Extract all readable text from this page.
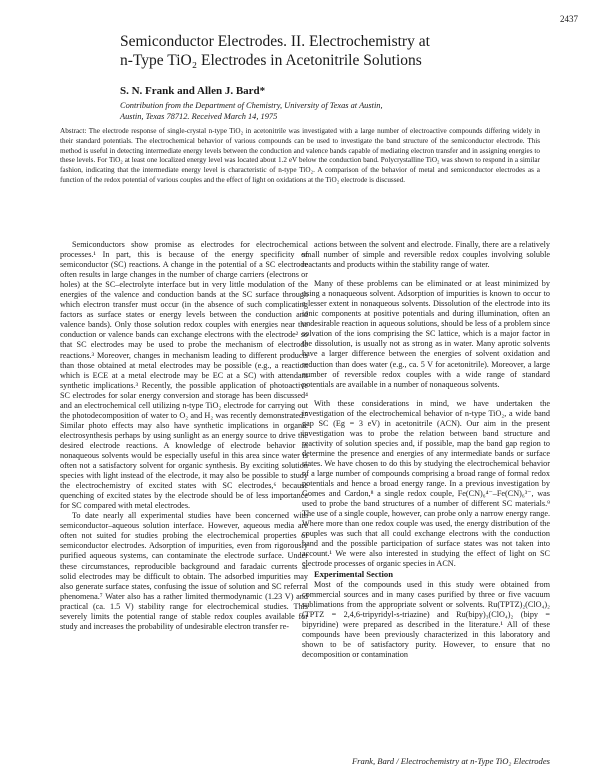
2437
Semiconductor Electrodes. II. Electrochemistry at
n-Type TiO₂ Electrodes in Acetonitrile Solutions
S. N. Frank and Allen J. Bard*
Contribution from the Department of Chemistry, University of Texas at Austin,
Austin, Texas 78712. Received March 14, 1975
Abstract: The electrode response of single-crystal n-type TiO₂ in acetonitrile was investigated with a large number of electroactive compounds differing widely in their standard potentials. The electrochemical behavior of various compounds can be used to investigate the band structure of the semiconductor electrode. This method is useful in detecting intermediate energy levels between the conduction and valence bands capable of mediating electron transfer and in assigning energies to these levels. For TiO₂ at least one localized energy level was located about 1.2 eV below the conduction band. Polycrystalline TiO₂ was shown to respond in a similar fashion, indicating that the intermediate energy level is characteristic of n-type TiO₂. A comparison of the behavior of metal and semiconductor electrodes as a function of the redox potential of various couples and the effect of light on oxidations at the TiO₂ electrode is discussed.

Semiconductors show promise as electrodes for electrochemical processes.¹ In part, this is because of the energy specificity of semiconductor (SC) reactions. A change in the potential of a SC electrode often results in large changes in the number of charge carriers (electrons or holes) at the SC–electrolyte interface but in very little modulation of the energies of the valence and conduction bands at the SC surface through which electron transfer must occur (in the absence of such complicating factors as surface states or energy levels between the conduction and valence bands). Only those solution redox couples with energies near the conduction or valence bands can exchange electrons with the electrode² so that SC electrodes may be used to probe the mechanism of electrode reactions.³ Moreover, changes in mechanism leading to different products than those obtained at metal electrodes may be possible (e.g., a reaction which is ECE at a metal electrode may be EC at a SC) with attendant synthetic implications.³ Recently, the possible application of photoactive SC electrodes for solar energy conversion and storage has been discussed⁴ and an electrochemical cell utilizing n-type TiO₂ electrode for carrying out the photodecomposition of water to O₂ and H₂ was recently demonstrated.⁵ Similar photo effects may also have synthetic implications in organic electrosynthesis perhaps by using sunlight as an energy source to drive the desired electrode reactions. A knowledge of electrode behavior in nonaqueous solvents would be especially useful in this area since water is often not a satisfactory solvent for organic synthesis. By exciting solution species with light instead of the electrode, it may also be possible to study the electrochemistry of excited states with SC electrodes,⁶ because quenching of excited states by the electrode should be of less importance for SC compared with metal electrodes.

To date nearly all experimental studies have been concerned with semiconductor–aqueous solution interface. However, aqueous media are often not suited for studies probing the electrochemical properties of semiconductor electrodes. Adsorption of impurities, even from rigorously purified aqueous systems, can contaminate the electrode surface. Under these circumstances, reproducible background and faradaic currents at solid electrodes may be difficult to obtain. The adsorbed impurities may also generate surface states, confusing the issue of solution and SC referral phenomena.⁷ Water also has a rather limited thermodynamic (1.23 V) and practical (ca. 1.5 V) stability range for electrochemical studies. This severely limits the potential range of stable redox couples available for study and increases the probability of undesirable electron transfer re-

actions between the solvent and electrode. Finally, there are a relatively small number of simple and reversible redox couples involving soluble reactants and products within the stability range of water.

Many of these problems can be eliminated or at least minimized by using a nonaqueous solvent. Adsorption of impurities is known to occur to a lesser extent in nonaqueous solvents. Dissolution of the electrode into its ionic components at positive potentials and during illumination, often an undesirable reaction in aqueous solutions, should be less of a problem since solvation of the ions comprising the SC lattice, which is a major factor in the dissolution, is usually not as strong as in water. Many aprotic solvents have a larger difference between the energies of solvent oxidation and reduction than does water (e.g., ca. 5 V for acetonitrile). Moreover, a large number of reversible redox couples with a wide range of standard potentials are available in a number of nonaqueous solvents.

With these considerations in mind, we have undertaken the investigation of the electrochemical behavior of n-type TiO₂, a wide band gap SC (Eg = 3 eV) in acetonitrile (ACN). Our aim in the present investigation was to probe the relation between band structure and reactivity of solution species and, if possible, map the band gap region to determine the presence and energies of any intermediate bands or surface states. We have chosen to do this by studying the electrochemical behavior of a large number of compounds comprising a broad range of formal redox potentials and hence a broad energy range. In a previous investigation by Gomes and Cardon,⁸ a single redox couple, Fe(CN)₆⁴⁻–Fe(CN)₆³⁻, was used to probe the band structures of a number of different SC materials.⁹ The use of a single couple, however, can probe only a narrow energy range. Where more than one redox couple was used, the energy distribution of the couples was such that all could exchange electrons with the conduction band and the possible participation of surface states was not taken into account.¹ We were also interested in studying the effect of light on SC electrode processes of organic species in ACN.

Experimental Section

Most of the compounds used in this study were obtained from commercial sources and in many cases purified by three or five vacuum sublimations from the appropriate solvent or solvents. Ru(TPTZ)₂(ClO₄)₂ (TPTZ = 2,4,6-tripyridyl-s-triazine) and Ru(bipy)₃(ClO₄)₂ (bipy = bipyridine) were prepared as described in the literature.¹ All of these compounds have been previously characterized in this laboratory and shown to be of satisfactory purity. However, to ensure that no decomposition or contamination

Frank, Bard / Electrochemistry at n-Type TiO₂ Electrodes
